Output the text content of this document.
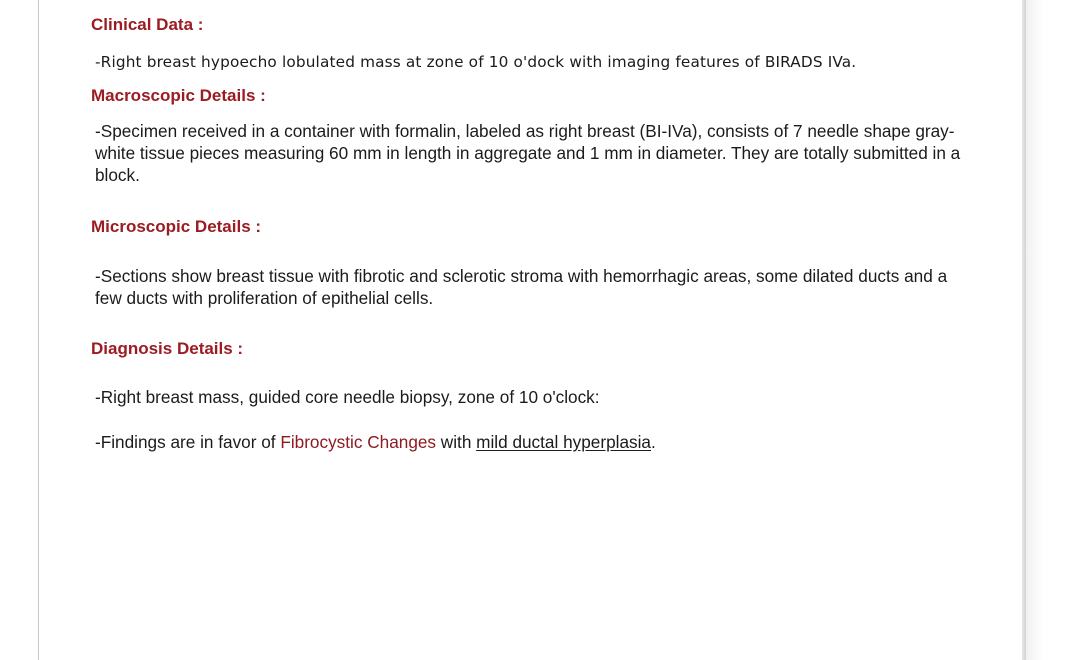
Clinical Data :

-Right breast hypoecho lobulated mass at zone of 10 o'dock with imaging features of BIRADS IVa.

Macroscopic Details :

-Specimen received in a container with formalin, labeled as right breast (BI-IVa), consists of 7 needle shape gray-white tissue pieces measuring 60 mm in length in aggregate and 1 mm in diameter. They are totally submitted in a block.

Microscopic Details :

-Sections show breast tissue with fibrotic and sclerotic stroma with hemorrhagic areas, some dilated ducts and a few ducts with proliferation of epithelial cells.

Diagnosis Details :

-Right breast mass, guided core needle biopsy, zone of 10 o'clock:

-Findings are in favor of Fibrocystic Changes with mild ductal hyperplasia.
